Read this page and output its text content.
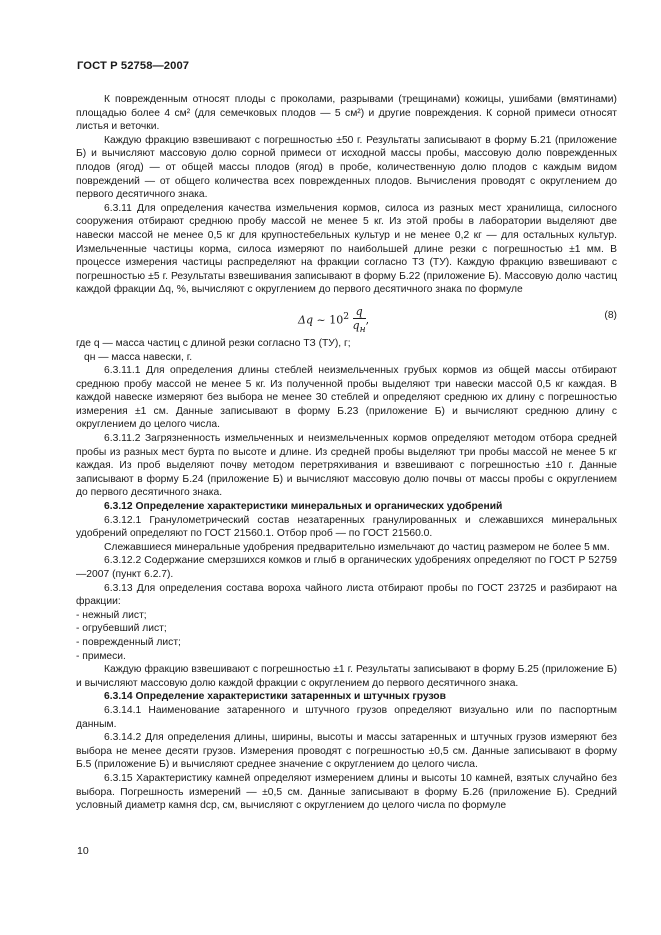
ГОСТ Р 52758—2007

К поврежденным относят плоды с проколами, разрывами (трещинами) кожицы, ушибами (вмятинами) площадью более 4 см² (для семечковых плодов — 5 см²) и другие повреждения. К сорной примеси относят листья и веточки.

Каждую фракцию взвешивают с погрешностью ±50 г. Результаты записывают в форму Б.21 (приложение Б) и вычисляют массовую долю сорной примеси от исходной массы пробы, массовую долю поврежденных плодов (ягод) — от общей массы плодов (ягод) в пробе, количественную долю плодов с каждым видом повреждений — от общего количества всех поврежденных плодов. Вычисления проводят с округлением до первого десятичного знака.

6.3.11 Для определения качества измельчения кормов, силоса из разных мест хранилища, силосного сооружения отбирают среднюю пробу массой не менее 5 кг. Из этой пробы в лаборатории выделяют две навески массой не менее 0,5 кг для крупностебельных культур и не менее 0,2 кг — для остальных культур. Измельченные частицы корма, силоса измеряют по наибольшей длине резки с погрешностью ±1 мм. В процессе измерения частицы распределяют на фракции согласно ТЗ (ТУ). Каждую фракцию взвешивают с погрешностью ±5 г. Результаты взвешивания записывают в форму Б.22 (приложение Б). Массовую долю частиц каждой фракции Δq, %, вычисляют с округлением до первого десятичного знака по формуле

Δq ~ $10^2 \frac{q}{q_н}$ ,	(8)

где q — масса частиц с длиной резки согласно ТЗ (ТУ), г;

qн — масса навески, г.

6.3.11.1 Для определения длины стеблей неизмельченных грубых кормов из общей массы отбирают среднюю пробу массой не менее 5 кг. Из полученной пробы выделяют три навески массой 0,5 кг каждая. В каждой навеске измеряют без выбора не менее 30 стеблей и определяют среднюю их длину с погрешностью измерения ±1 см. Данные записывают в форму Б.23 (приложение Б) и вычисляют среднюю длину с округлением до целого числа.

6.3.11.2 Загрязненность измельченных и неизмельченных кормов определяют методом отбора средней пробы из разных мест бурта по высоте и длине. Из средней пробы выделяют три пробы массой не менее 5 кг каждая. Из проб выделяют почву методом перетряхивания и взвешивают с погрешностью ±10 г. Данные записывают в форму Б.24 (приложение Б) и вычисляют массовую долю почвы от массы пробы с округлением до первого десятичного знака.

6.3.12 Определение характеристики минеральных и органических удобрений

6.3.12.1 Гранулометрический состав незатаренных гранулированных и слежавшихся минеральных удобрений определяют по ГОСТ 21560.1. Отбор проб — по ГОСТ 21560.0.

Слежавшиеся минеральные удобрения предварительно измельчают до частиц размером не более 5 мм.

6.3.12.2 Содержание смерзшихся комков и глыб в органических удобрениях определяют по ГОСТ Р 52759—2007 (пункт 6.2.7).

6.3.13 Для определения состава вороха чайного листа отбирают пробы по ГОСТ 23725 и разбирают на фракции:

- нежный лист;

- огрубевший лист;

- поврежденный лист;

- примеси.

Каждую фракцию взвешивают с погрешностью ±1 г. Результаты записывают в форму Б.25 (приложение Б) и вычисляют массовую долю каждой фракции с округлением до первого десятичного знака.

6.3.14 Определение характеристики затаренных и штучных грузов

6.3.14.1 Наименование затаренного и штучного грузов определяют визуально или по паспортным данным.

6.3.14.2 Для определения длины, ширины, высоты и массы затаренных и штучных грузов измеряют без выбора не менее десяти грузов. Измерения проводят с погрешностью ±0,5 см. Данные записывают в форму Б.5 (приложение Б) и вычисляют среднее значение с округлением до целого числа.

6.3.15 Характеристику камней определяют измерением длины и высоты 10 камней, взятых случайно без выбора. Погрешность измерений — ±0,5 см. Данные записывают в форму Б.26 (приложение Б). Средний условный диаметр камня dср, см, вычисляют с округлением до целого числа по формуле

10
